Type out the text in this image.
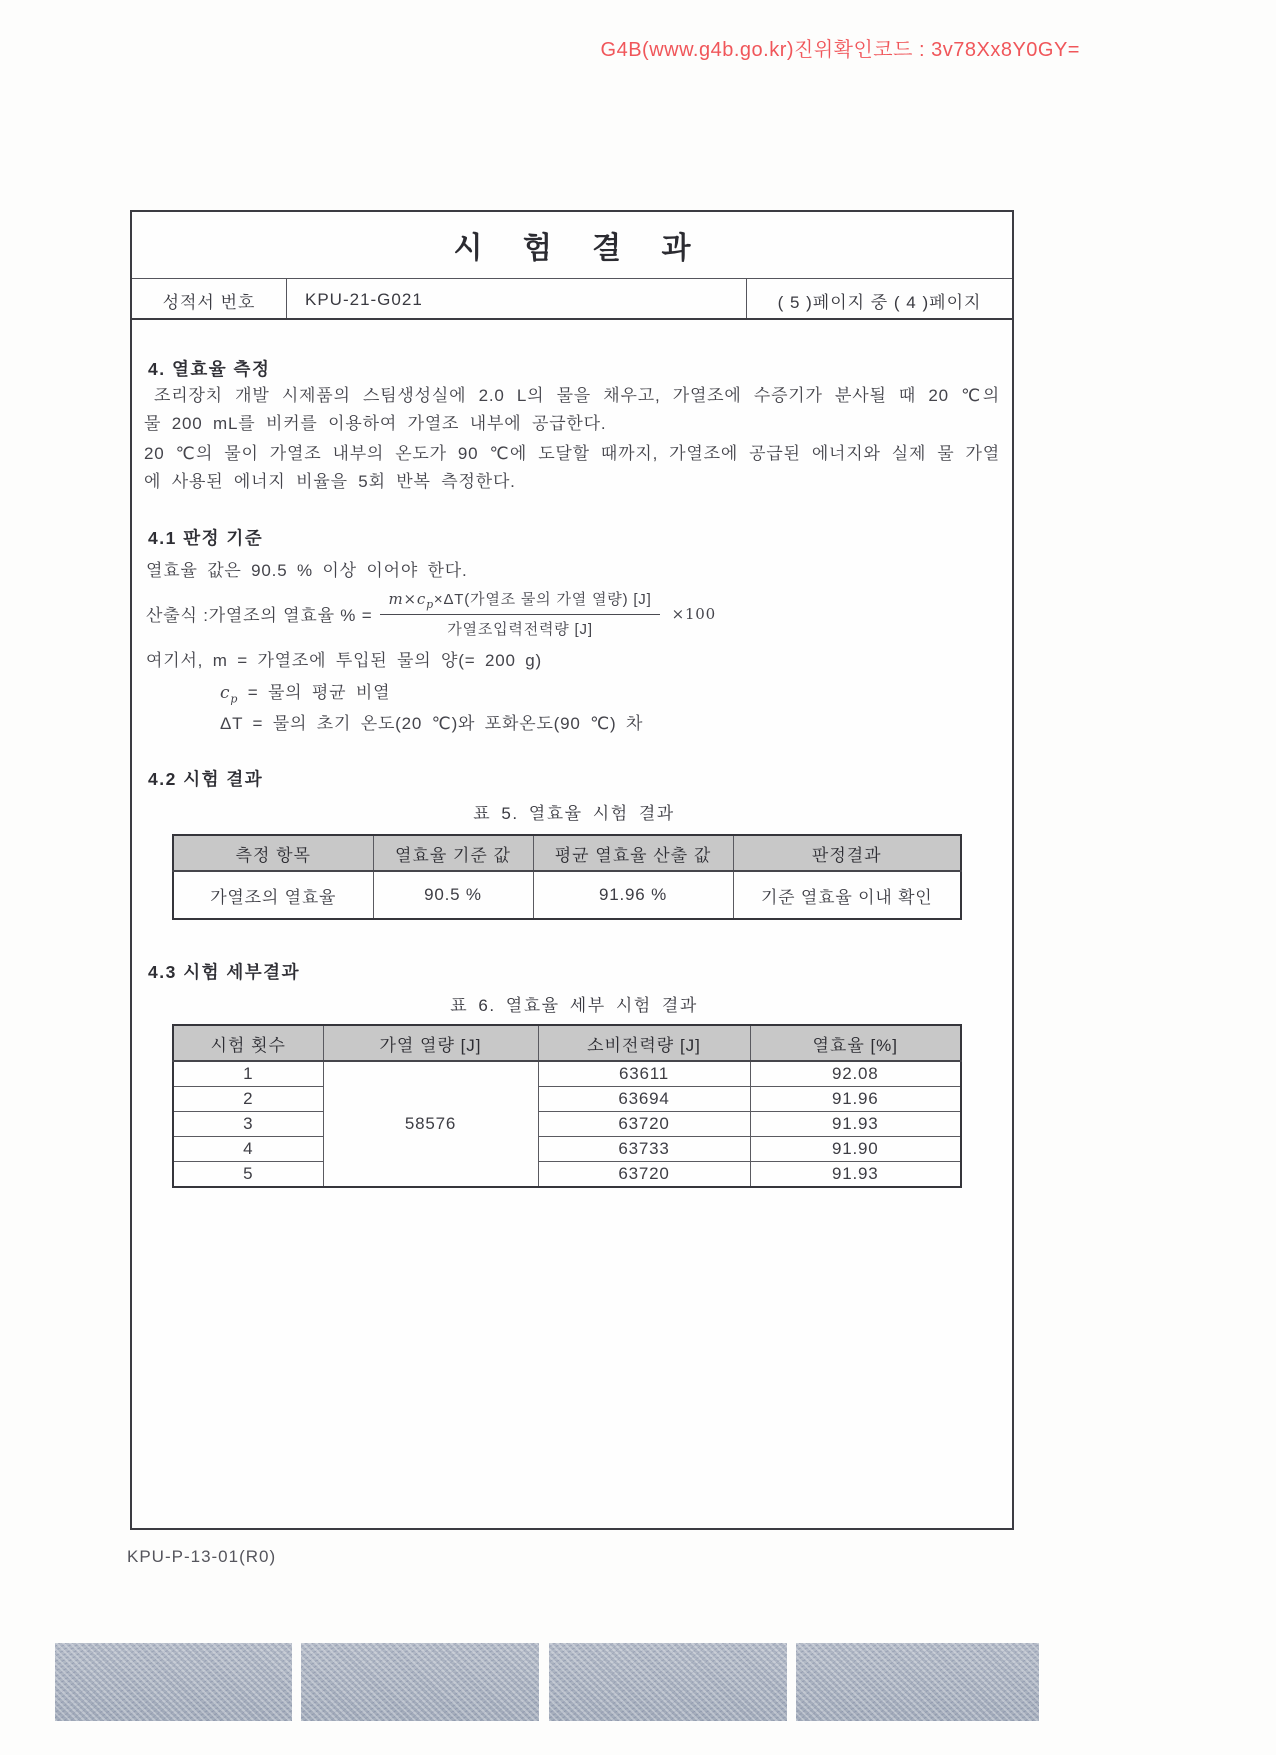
G4B(www.g4b.go.kr)진위확인코드 : 3v78Xx8Y0GY=
시 험 결 과
성적서 번호	KPU-21-G021	( 5 )페이지 중 ( 4 )페이지
4. 열효율 측정
조리장치 개발 시제품의 스팀생성실에 2.0 L의 물을 채우고, 가열조에 수증기가 분사될 때 20 ℃의 물 200 mL를 비커를 이용하여 가열조 내부에 공급한다.
20 ℃의 물이 가열조 내부의 온도가 90 ℃에 도달할 때까지, 가열조에 공급된 에너지와 실제 물 가열에 사용된 에너지 비율을 5회 반복 측정한다.
4.1 판정 기준
열효율 값은 90.5 % 이상 이어야 한다.
산출식 :가열조의 열효율 % = $\frac{m\times c_p\times\Delta T(가열조 물의 가열 열량) [J]}{\text{가열조입력전력량 [J]}} \times 100$
여기서, m = 가열조에 투입된 물의 양(= 200 g)
$c_p$ = 물의 평균 비열
ΔT = 물의 초기 온도(20 ℃)와 포화온도(90 ℃) 차
4.2 시험 결과
표 5. 열효율 시험 결과
측정 항목	열효율 기준 값	평균 열효율 산출 값	판정결과
가열조의 열효율	90.5 %	91.96 %	기준 열효율 이내 확인
4.3 시험 세부결과
표 6. 열효율 세부 시험 결과
시험 횟수	가열 열량 [J]	소비전력량 [J]	열효율 [%]
1	58576	63611	92.08
2		63694	91.96
3		63720	91.93
4		63733	91.90
5		63720	91.93
KPU-P-13-01(R0)
